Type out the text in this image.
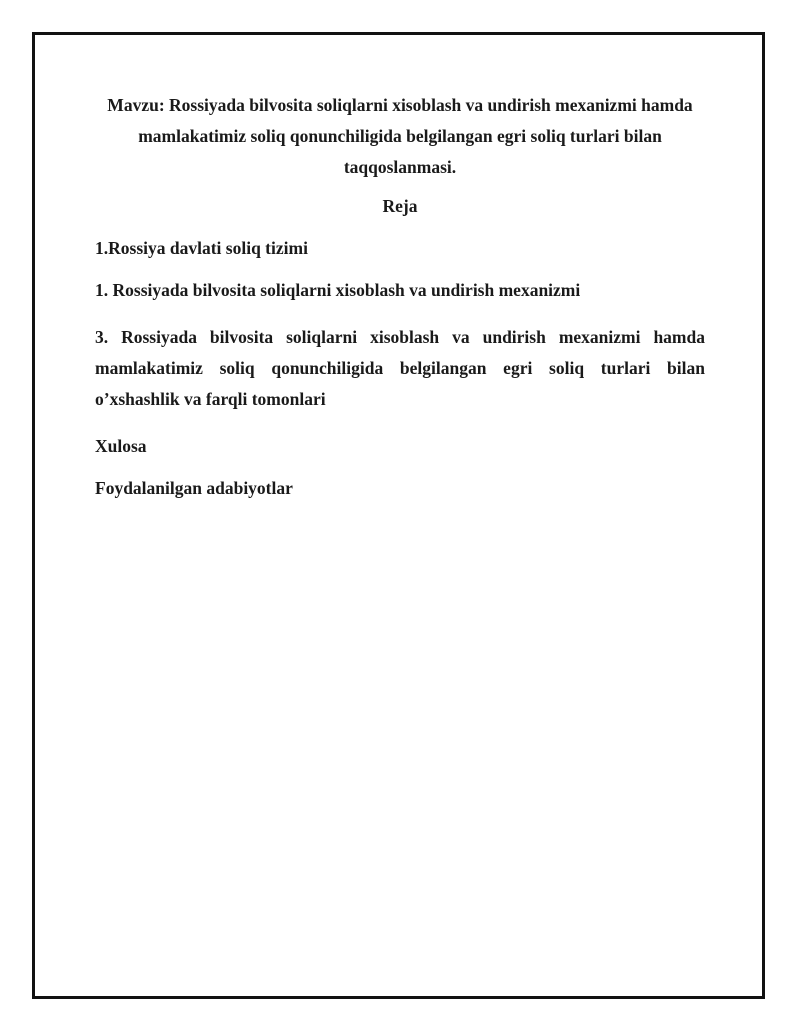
Mavzu: Rossiyada bilvosita soliqlarni xisoblash va undirish mexanizmi hamda
mamlakatimiz soliq qonunchiligida belgilangan egri soliq turlari bilan
taqqoslanmasi.

Reja

1.Rossiya davlati soliq tizimi

1. Rossiyada bilvosita soliqlarni xisoblash va undirish mexanizmi

3. Rossiyada bilvosita soliqlarni xisoblash va undirish mexanizmi hamda
mamlakatimiz soliq qonunchiligida belgilangan egri soliq turlari bilan
o’xshashlik va farqli tomonlari

Xulosa

Foydalanilgan adabiyotlar
